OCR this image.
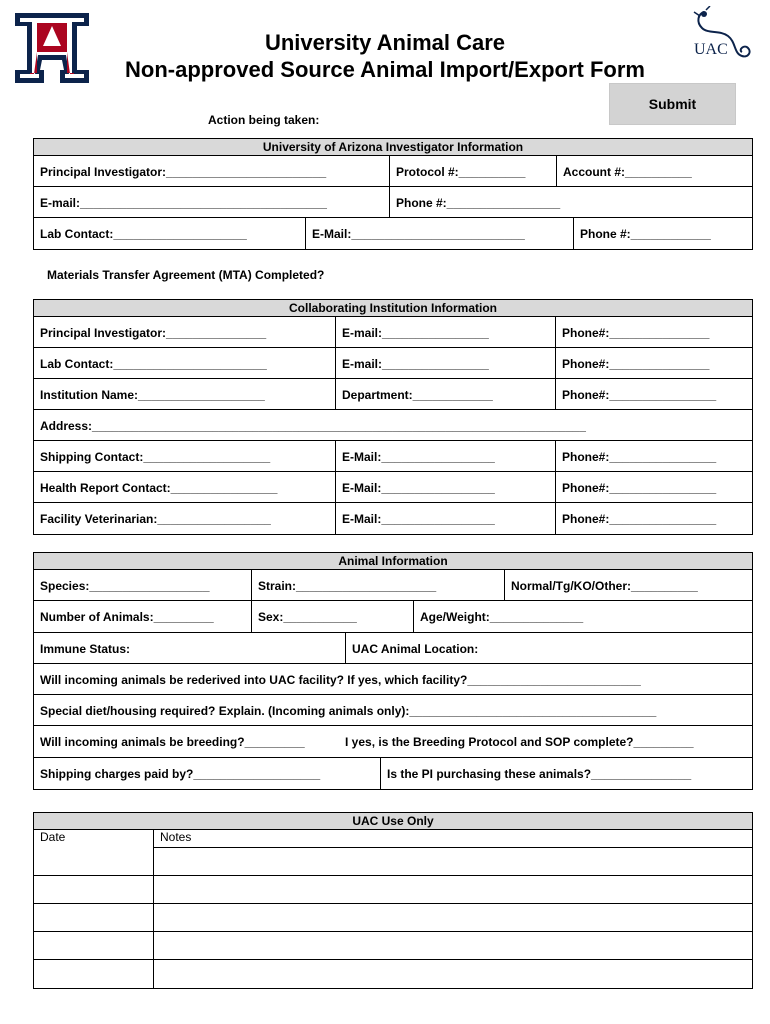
UAC
University Animal Care
Non-approved Source Animal Import/Export Form
Submit
Action being taken:
University of Arizona Investigator Information
Principal Investigator:________________________	Protocol #:__________	Account #:__________
E-mail:_____________________________________	Phone #:_________________
Lab Contact:____________________	E-Mail:__________________________	Phone #:____________
Materials Transfer Agreement (MTA) Completed?
Collaborating Institution Information
Principal Investigator:_______________	E-mail:________________	Phone#:_______________
Lab Contact:_______________________	E-mail:________________	Phone#:_______________
Institution Name:___________________	Department:____________	Phone#:________________
Address:__________________________________________________________________________
Shipping Contact:___________________	E-Mail:_________________	Phone#:________________
Health Report Contact:________________	E-Mail:_________________	Phone#:________________
Facility Veterinarian:_________________	E-Mail:_________________	Phone#:________________
Animal Information
Species:__________________	Strain:_____________________	Normal/Tg/KO/Other:__________
Number of Animals:_________	Sex:___________	Age/Weight:______________
Immune Status:	UAC Animal Location:
Will incoming animals be rederived into UAC facility? If yes, which facility?__________________________
Special diet/housing required? Explain. (Incoming animals only):_____________________________________
Will incoming animals be breeding?_________	I yes, is the Breeding Protocol and SOP complete?_________
Shipping charges paid by?___________________	Is the PI purchasing these animals?_______________
UAC Use Only
Date	Notes
